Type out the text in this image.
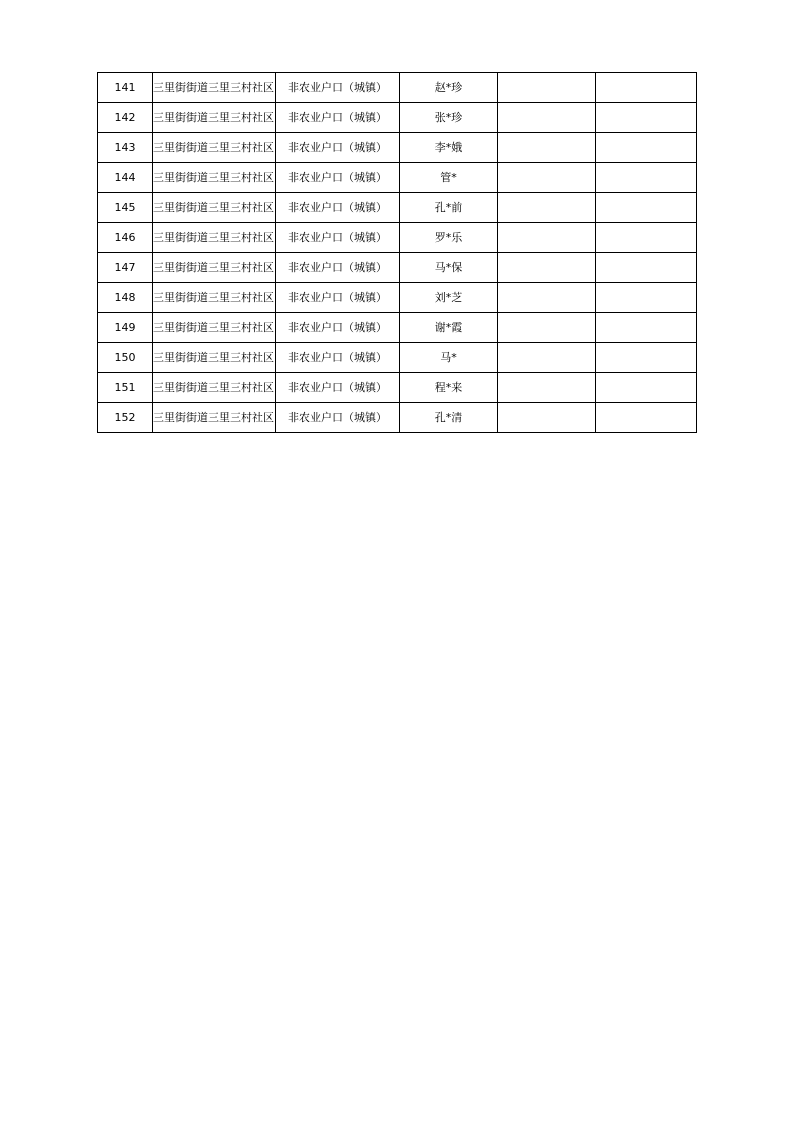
141	三里街街道三里三村社区	非农业户口（城镇）	赵*珍		
142	三里街街道三里三村社区	非农业户口（城镇）	张*珍		
143	三里街街道三里三村社区	非农业户口（城镇）	李*娥		
144	三里街街道三里三村社区	非农业户口（城镇）	管*		
145	三里街街道三里三村社区	非农业户口（城镇）	孔*前		
146	三里街街道三里三村社区	非农业户口（城镇）	罗*乐		
147	三里街街道三里三村社区	非农业户口（城镇）	马*保		
148	三里街街道三里三村社区	非农业户口（城镇）	刘*芝		
149	三里街街道三里三村社区	非农业户口（城镇）	谢*霞		
150	三里街街道三里三村社区	非农业户口（城镇）	马*		
151	三里街街道三里三村社区	非农业户口（城镇）	程*来		
152	三里街街道三里三村社区	非农业户口（城镇）	孔*清		
